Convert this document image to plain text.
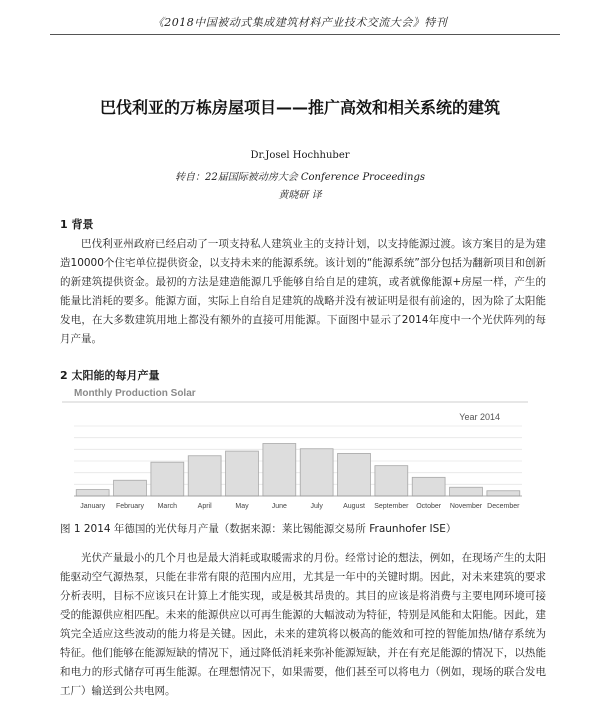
《2018中国被动式集成建筑材料产业技术交流大会》特刊
巴伐利亚的万栋房屋项目——推广高效和相关系统的建筑
Dr.Josel Hochhuber
转自：22届国际被动房大会 Conference Proceedings
黄晓研 译
1 背景

巴伐利亚州政府已经启动了一项支持私人建筑业主的支持计划，以支持能源过渡。该方案目的是为建造10000个住宅单位提供资金，以支持未来的能源系统。该计划的“能源系统”部分包括为翻新项目和创新的新建筑提供资金。最初的方法是建造能源几乎能够自给自足的建筑，或者就像能源+房屋一样，产生的能量比消耗的要多。能源方面，实际上自给自足建筑的战略并没有被证明是很有前途的，因为除了太阳能发电，在大多数建筑用地上都没有额外的直接可用能源。下面图中显示了2014年度中一个光伏阵列的每月产量。

2 太阳能的每月产量
Monthly Production Solar
Year 2014
January February March	April	May	June	July	August September October November December
图 1 2014 年德国的光伏每月产量（数据来源：莱比锡能源交易所 Fraunhofer ISE）

光伏产量最小的几个月也是最大消耗或取暖需求的月份。经常讨论的想法，例如，在现场产生的太阳能驱动空气源热泵，只能在非常有限的范围内应用，尤其是一年中的关键时期。因此，对未来建筑的要求分析表明，目标不应该只在计算上才能实现，或是极其昂贵的。其目的应该是将消费与主要电网环境可接受的能源供应相匹配。未来的能源供应以可再生能源的大幅波动为特征，特别是风能和太阳能。因此，建筑完全适应这些波动的能力将是关键。因此，未来的建筑将以极高的能效和可控的智能加热/储存系统为特征。他们能够在能源短缺的情况下，通过降低消耗来弥补能源短缺，并在有充足能源的情况下，以热能和电力的形式储存可再生能源。在理想情况下，如果需要，他们甚至可以将电力（例如，现场的联合发电工厂）输送到公共电网。
